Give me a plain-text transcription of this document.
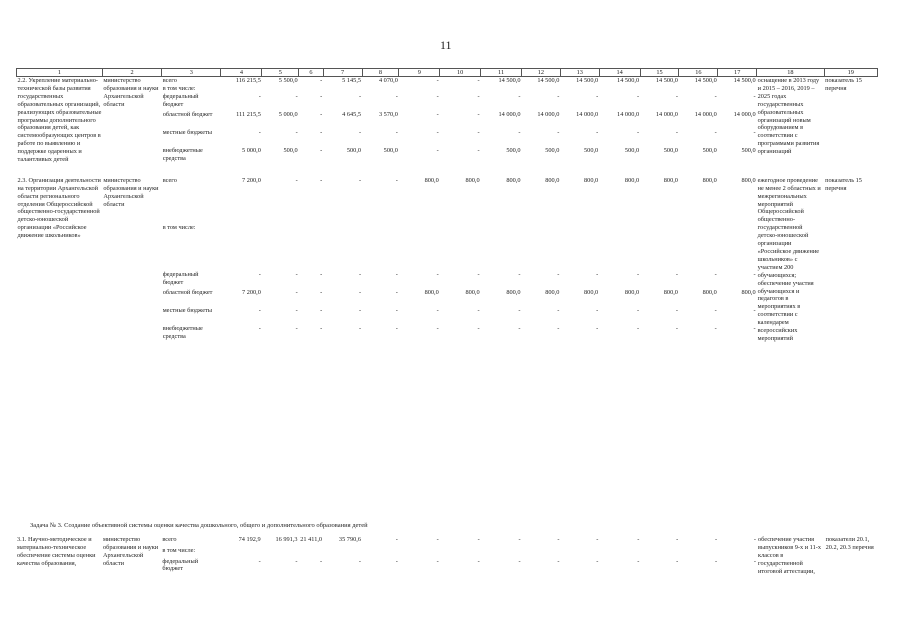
11
1	2	3	4	5	6	7	8	9	10	11	12	13	14	15	16	17	18	19
2.2. Укрепление материально-технической базы развития государственных образовательных организаций, реализующих образовательные программы дополнительного образования детей, как системообразующих центров в работе по выявлению и поддержке одаренных и талантливых детей	министерство образования и науки Архангельской области	всего	116 215,5	5 500,0	-	5 145,5	4 070,0	-	-	14 500,0	14 500,0	14 500,0	14 500,0	14 500,0	14 500,0	14 500,0	оснащение в 2013 году и 2015 – 2016, 2019 – 2025 годах государственных образовательных организаций новым оборудованием в соответствии с программами развития организаций	показатель 15 перечня
		в том числе:																
		федеральный бюджет	-	-	-	-	-	-	-	-	-	-	-	-	-	-		
		областной бюджет	111 215,5	5 000,0	-	4 645,5	3 570,0	-	-	14 000,0	14 000,0	14 000,0	14 000,0	14 000,0	14 000,0	14 000,0		
		местные бюджеты	-	-	-	-	-	-	-	-	-	-	-	-	-	-		
		внебюджетные средства	5 000,0	500,0	-	500,0	500,0	-	-	500,0	500,0	500,0	500,0	500,0	500,0	500,0		

2.3. Организация деятельности на территории Архангельской области регионального отделения Общероссийской общественно-государственной детско-юношеской организации «Российское движение школьников»	министерство образования и науки Архангельской области	всего	7 200,0	-	-	-	-	800,0	800,0	800,0	800,0	800,0	800,0	800,0	800,0	800,0	ежегодное проведение не менее 2 областных и межрегиональных мероприятий Общероссийской общественно-государственной детско-юношеской организации «Российское движение школьников» с участием 200 обучающихся; обеспечение участия обучающихся и педагогов в мероприятиях в соответствии с календарем всероссийских мероприятий	показатель 15 перечня
		в том числе:																
		федеральный бюджет	-	-	-	-	-	-	-	-	-	-	-	-	-	-		
		областной бюджет	7 200,0	-	-	-	-	800,0	800,0	800,0	800,0	800,0	800,0	800,0	800,0	800,0		
		местные бюджеты	-	-	-	-	-	-	-	-	-	-	-	-	-	-		
		внебюджетные средства	-	-	-	-	-	-	-	-	-	-	-	-	-	-		
Задача № 3. Создание объективной системы оценки качества дошкольного, общего и дополнительного образования детей
3.1. Научно-методическое и материально-техническое обеспечение системы оценки качества образования,	министерство образования и науки Архангельской области	всего	74 192,9	16 991,3	21 411,0	35 790,6	-	-	-	-	-	-	-	-	-	-	обеспечение участия выпускников 9-х и 11-х классов в государственной итоговой аттестации,	показатели 20.1, 20.2, 20.3 перечня
		в том числе:																
		федеральный бюджет	-	-	-	-	-	-	-	-	-	-	-	-	-	-		
